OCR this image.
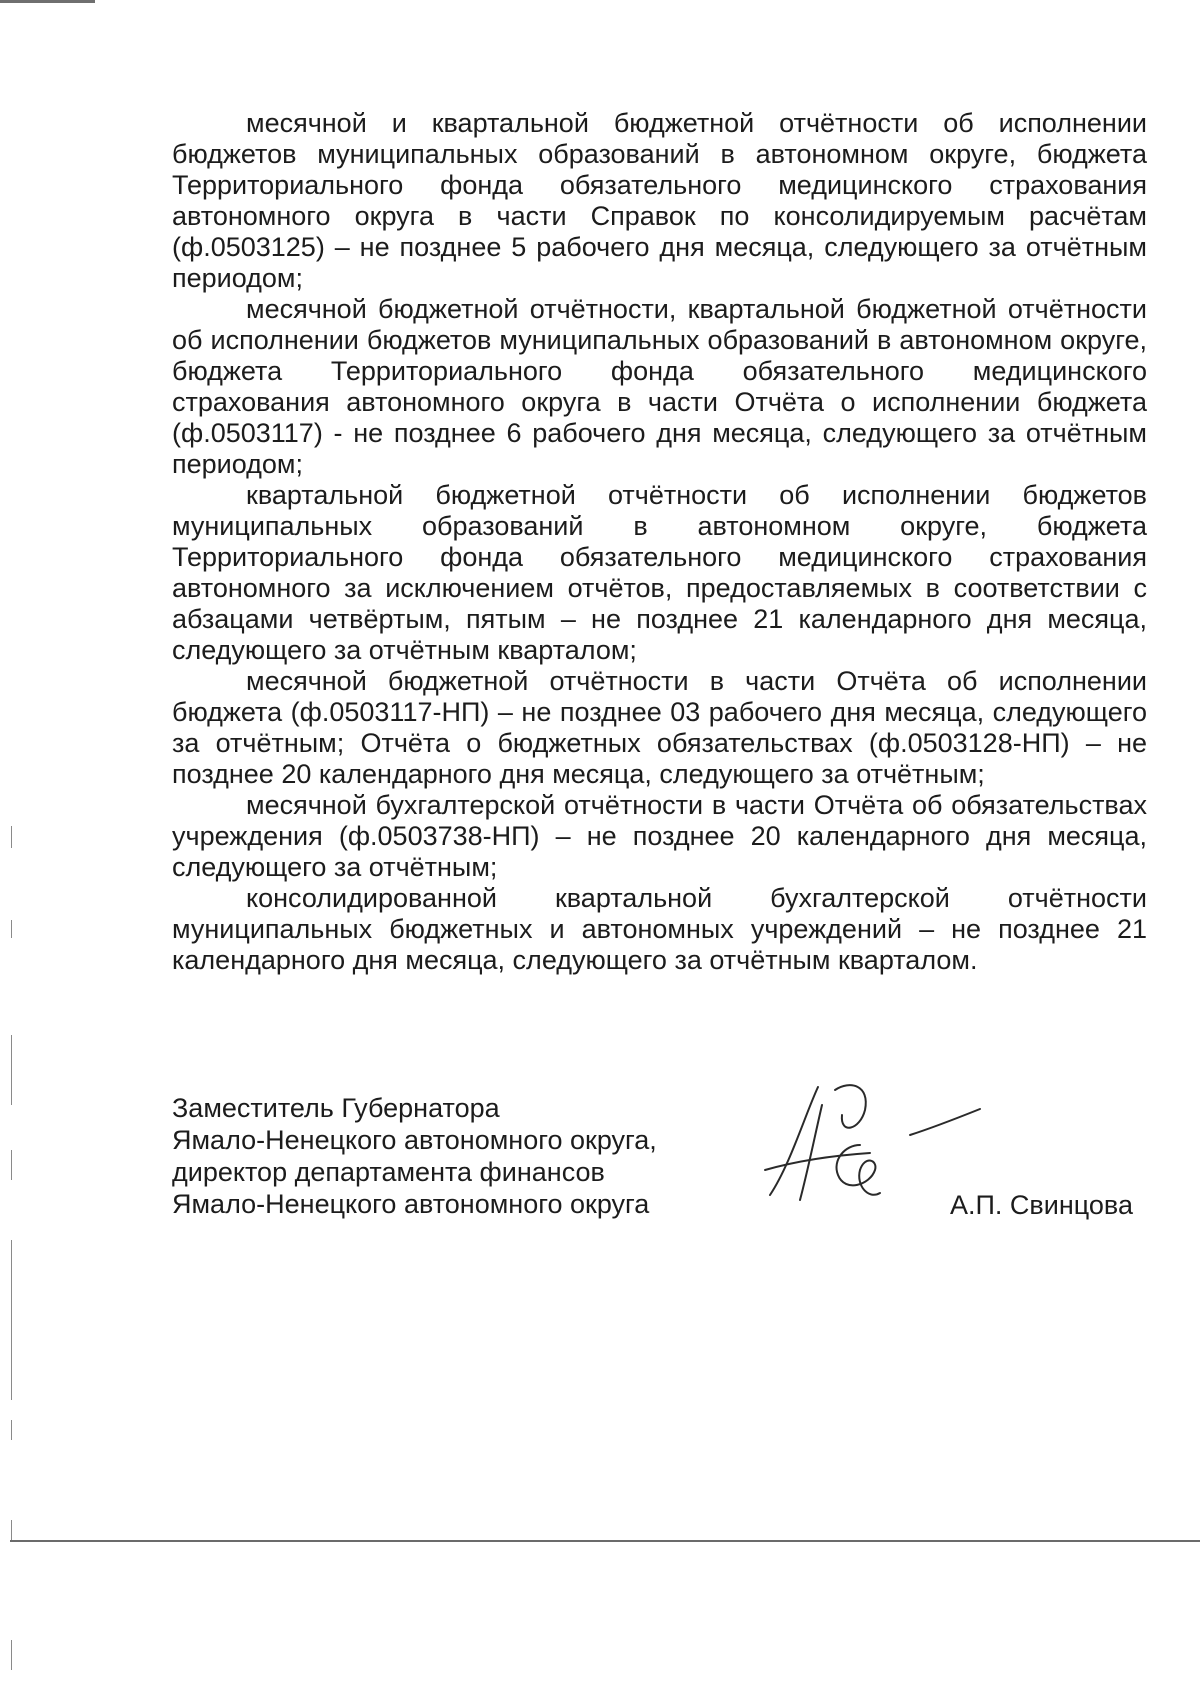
месячной и квартальной бюджетной отчётности об исполнении бюджетов муниципальных образований в автономном округе, бюджета Территориального фонда обязательного медицинского страхования автономного округа в части Справок по консолидируемым расчётам (ф.0503125) – не позднее 5 рабочего дня месяца, следующего за отчётным периодом;

месячной бюджетной отчётности, квартальной бюджетной отчётности об исполнении бюджетов муниципальных образований в автономном округе, бюджета Территориального фонда обязательного медицинского страхования автономного округа в части Отчёта о исполнении бюджета (ф.0503117) - не позднее 6 рабочего дня месяца, следующего за отчётным периодом;

квартальной бюджетной отчётности об исполнении бюджетов муниципальных образований в автономном округе, бюджета Территориального фонда обязательного медицинского страхования автономного за исключением отчётов, предоставляемых в соответствии с абзацами четвёртым, пятым – не позднее 21 календарного дня месяца, следующего за отчётным кварталом;

месячной бюджетной отчётности в части Отчёта об исполнении бюджета (ф.0503117-НП) – не позднее 03 рабочего дня месяца, следующего за отчётным; Отчёта о бюджетных обязательствах (ф.0503128-НП) – не позднее 20 календарного дня месяца, следующего за отчётным;

месячной бухгалтерской отчётности в части Отчёта об обязательствах учреждения (ф.0503738-НП) – не позднее 20 календарного дня месяца, следующего за отчётным;

консолидированной квартальной бухгалтерской отчётности муниципальных бюджетных и автономных учреждений – не позднее 21 календарного дня месяца, следующего за отчётным кварталом.

Заместитель Губернатора
Ямало-Ненецкого автономного округа,
директор департамента финансов
Ямало-Ненецкого автономного округа	А.П. Свинцова
